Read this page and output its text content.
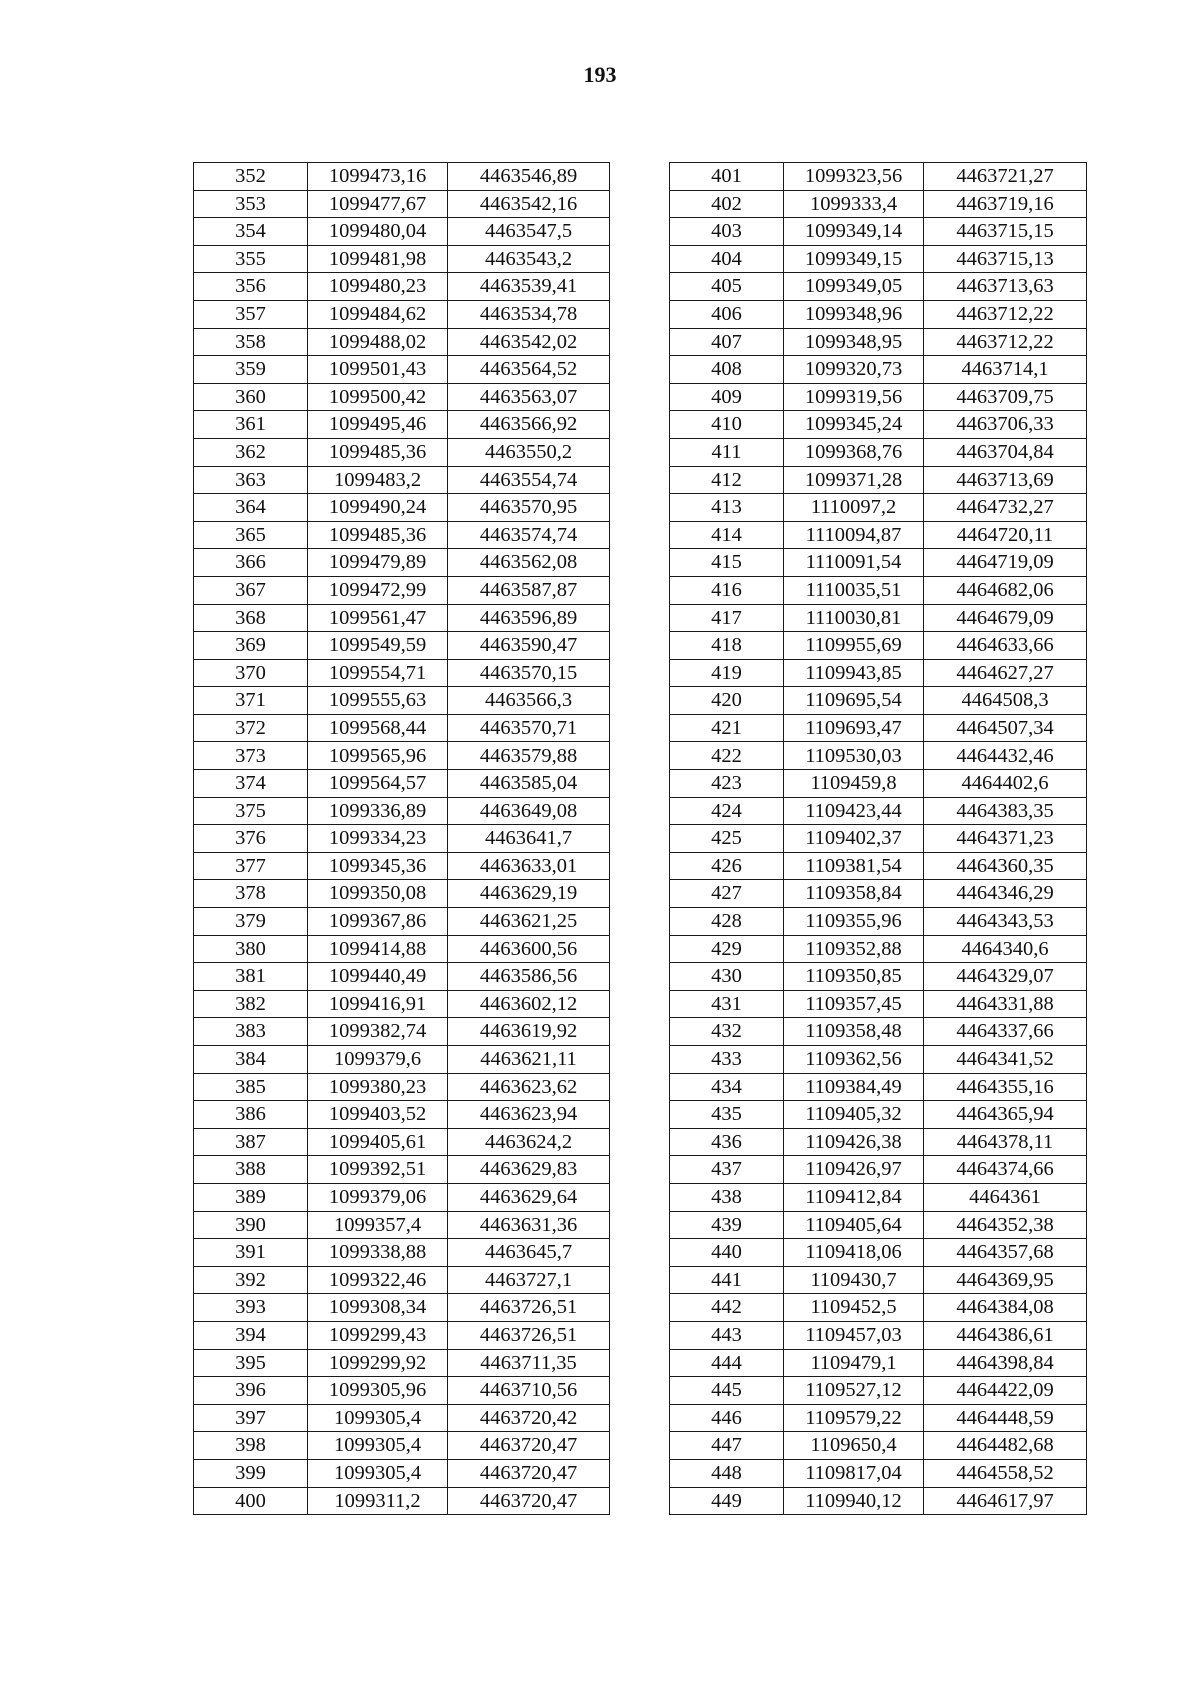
193
352	1099473,16	4463546,89
353	1099477,67	4463542,16
354	1099480,04	4463547,5
355	1099481,98	4463543,2
356	1099480,23	4463539,41
357	1099484,62	4463534,78
358	1099488,02	4463542,02
359	1099501,43	4463564,52
360	1099500,42	4463563,07
361	1099495,46	4463566,92
362	1099485,36	4463550,2
363	1099483,2	4463554,74
364	1099490,24	4463570,95
365	1099485,36	4463574,74
366	1099479,89	4463562,08
367	1099472,99	4463587,87
368	1099561,47	4463596,89
369	1099549,59	4463590,47
370	1099554,71	4463570,15
371	1099555,63	4463566,3
372	1099568,44	4463570,71
373	1099565,96	4463579,88
374	1099564,57	4463585,04
375	1099336,89	4463649,08
376	1099334,23	4463641,7
377	1099345,36	4463633,01
378	1099350,08	4463629,19
379	1099367,86	4463621,25
380	1099414,88	4463600,56
381	1099440,49	4463586,56
382	1099416,91	4463602,12
383	1099382,74	4463619,92
384	1099379,6	4463621,11
385	1099380,23	4463623,62
386	1099403,52	4463623,94
387	1099405,61	4463624,2
388	1099392,51	4463629,83
389	1099379,06	4463629,64
390	1099357,4	4463631,36
391	1099338,88	4463645,7
392	1099322,46	4463727,1
393	1099308,34	4463726,51
394	1099299,43	4463726,51
395	1099299,92	4463711,35
396	1099305,96	4463710,56
397	1099305,4	4463720,42
398	1099305,4	4463720,47
399	1099305,4	4463720,47
400	1099311,2	4463720,47
401	1099323,56	4463721,27
402	1099333,4	4463719,16
403	1099349,14	4463715,15
404	1099349,15	4463715,13
405	1099349,05	4463713,63
406	1099348,96	4463712,22
407	1099348,95	4463712,22
408	1099320,73	4463714,1
409	1099319,56	4463709,75
410	1099345,24	4463706,33
411	1099368,76	4463704,84
412	1099371,28	4463713,69
413	1110097,2	4464732,27
414	1110094,87	4464720,11
415	1110091,54	4464719,09
416	1110035,51	4464682,06
417	1110030,81	4464679,09
418	1109955,69	4464633,66
419	1109943,85	4464627,27
420	1109695,54	4464508,3
421	1109693,47	4464507,34
422	1109530,03	4464432,46
423	1109459,8	4464402,6
424	1109423,44	4464383,35
425	1109402,37	4464371,23
426	1109381,54	4464360,35
427	1109358,84	4464346,29
428	1109355,96	4464343,53
429	1109352,88	4464340,6
430	1109350,85	4464329,07
431	1109357,45	4464331,88
432	1109358,48	4464337,66
433	1109362,56	4464341,52
434	1109384,49	4464355,16
435	1109405,32	4464365,94
436	1109426,38	4464378,11
437	1109426,97	4464374,66
438	1109412,84	4464361
439	1109405,64	4464352,38
440	1109418,06	4464357,68
441	1109430,7	4464369,95
442	1109452,5	4464384,08
443	1109457,03	4464386,61
444	1109479,1	4464398,84
445	1109527,12	4464422,09
446	1109579,22	4464448,59
447	1109650,4	4464482,68
448	1109817,04	4464558,52
449	1109940,12	4464617,97
